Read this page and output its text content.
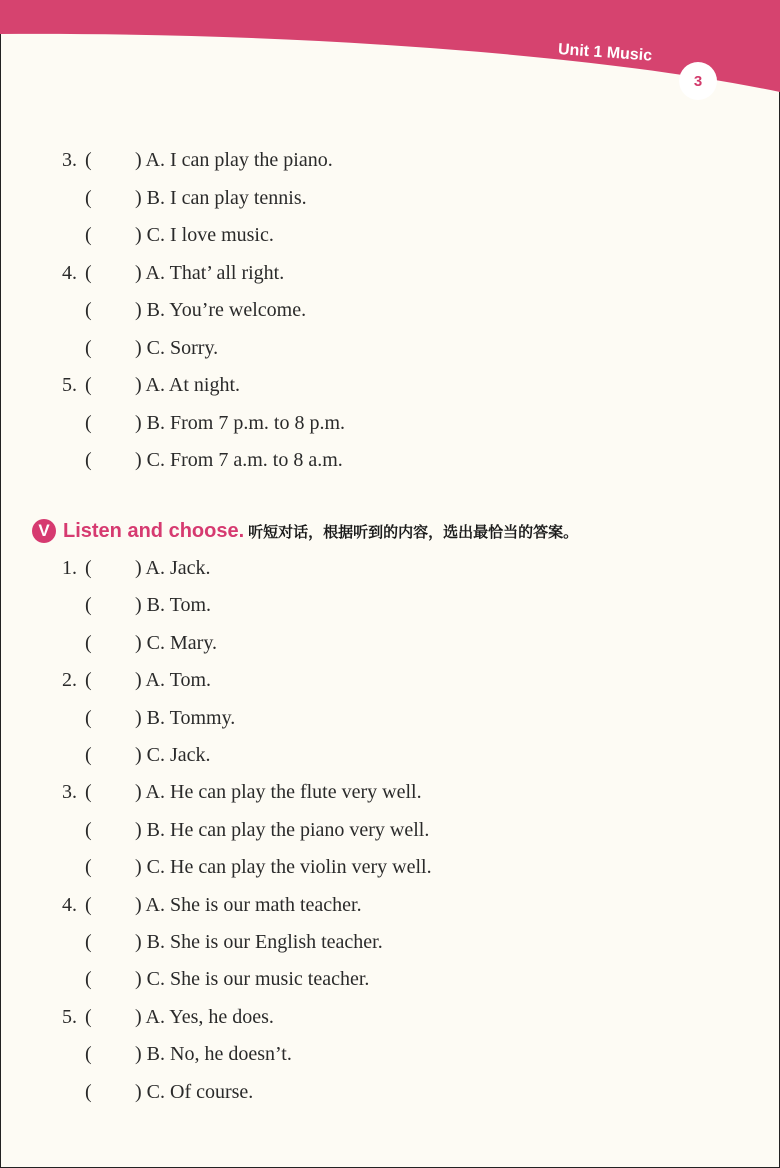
Unit 1 Music
3
3. ( ) A. I can play the piano.
( ) B. I can play tennis.
( ) C. I love music.
4. ( ) A. That’ all right.
( ) B. You’re welcome.
( ) C. Sorry.
5. ( ) A. At night.
( ) B. From 7 p.m. to 8 p.m.
( ) C. From 7 a.m. to 8 a.m.
V Listen and choose. 听短对话，根据听到的内容，选出最恰当的答案。
1. ( ) A. Jack.
( ) B. Tom.
( ) C. Mary.
2. ( ) A. Tom.
( ) B. Tommy.
( ) C. Jack.
3. ( ) A. He can play the flute very well.
( ) B. He can play the piano very well.
( ) C. He can play the violin very well.
4. ( ) A. She is our math teacher.
( ) B. She is our English teacher.
( ) C. She is our music teacher.
5. ( ) A. Yes, he does.
( ) B. No, he doesn’t.
( ) C. Of course.
